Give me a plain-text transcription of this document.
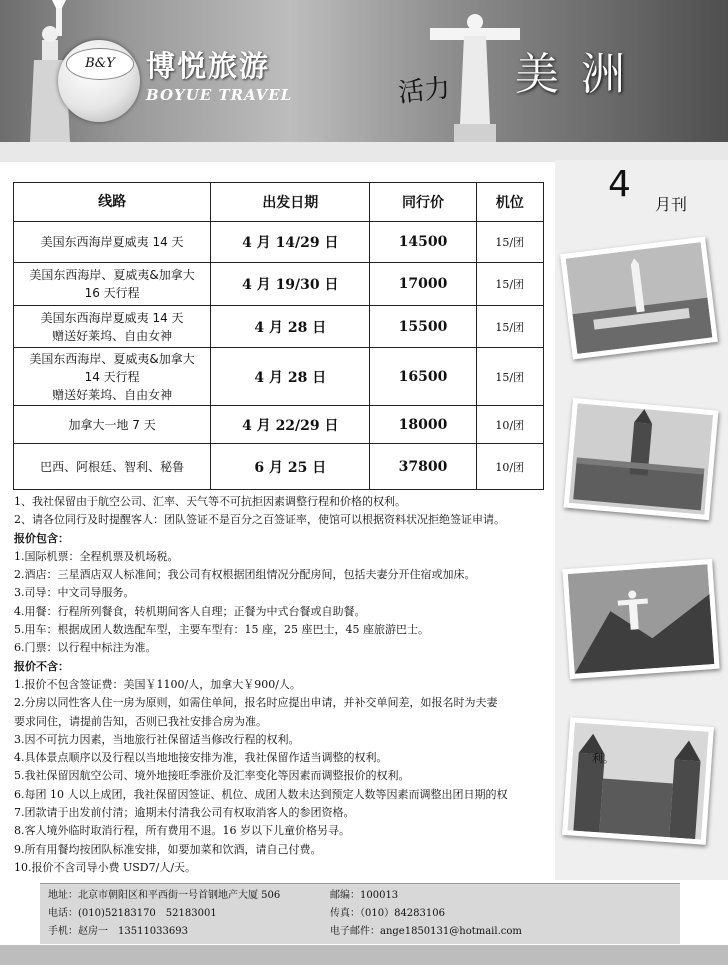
B&Y	博悦旅游
BOYUE TRAVEL	活力 美洲
4 月刊
线路	出发日期	同行价	机位

美国东西海岸夏威夷 14 天	4 月 14/29 日	14500	15/团

美国东西海岸、夏威夷&加拿大
16 天行程	4 月 19/30 日	17000	15/团

美国东西海岸夏威夷 14 天
赠送好莱坞、自由女神	4 月 28 日	15500	15/团

美国东西海岸、夏威夷&加拿大
14 天行程
赠送好莱坞、自由女神	4 月 28 日	16500	15/团

加拿大一地 7 天	4 月 22/29 日	18000	10/团

巴西、阿根廷、智利、秘鲁	6 月 25 日	37800	10/团

1、我社保留由于航空公司、汇率、天气等不可抗拒因素调整行程和价格的权利。

2、请各位同行及时提醒客人：团队签证不是百分之百签证率，使馆可以根据资料状况拒绝签证申请。

报价包含：

1.国际机票：全程机票及机场税。

2.酒店：三星酒店双人标准间；我公司有权根据团组情况分配房间，包括夫妻分开住宿或加床。

3.司导：中文司导服务。

4.用餐：行程所列餐食，转机期间客人自理；正餐为中式台餐或自助餐。

5.用车：根据成团人数选配车型，主要车型有：15 座，25 座巴士，45 座旅游巴士。

6.门票：以行程中标注为准。

报价不含：

1.报价不包含签证费：美国￥1100/人，加拿大￥900/人。

2.分房以同性客人住一房为原则，如需住单间，报名时应提出申请，并补交单间差，如报名时为夫妻

要求同住，请提前告知，否则已我社安排合房为准。

3.因不可抗力因素，当地旅行社保留适当修改行程的权利。

4.具体景点顺序以及行程以当地地接安排为准，我社保留作适当调整的权利。

5.我社保留因航空公司、境外地接旺季涨价及汇率变化等因素而调整报价的权利。

6.每团 10 人以上成团，我社保留因签证、机位、成团人数未达到预定人数等因素而调整出团日期的权

7.团款请于出发前付清；逾期未付清我公司有权取消客人的参团资格。

8.客人境外临时取消行程，所有费用不退。16 岁以下儿童价格另寻。

9.所有用餐均按团队标准安排，如要加菜和饮酒，请自己付费。

10.报价不含司导小费 USD7/人/天。

利。
地址：北京市朝阳区和平西街一号首钢地产大厦 506	邮编：100013
电话：(010)52183170　52183001	传真：（010）84283106
手机：赵房一　13511033693	电子邮件：ange1850131@hotmail.com
